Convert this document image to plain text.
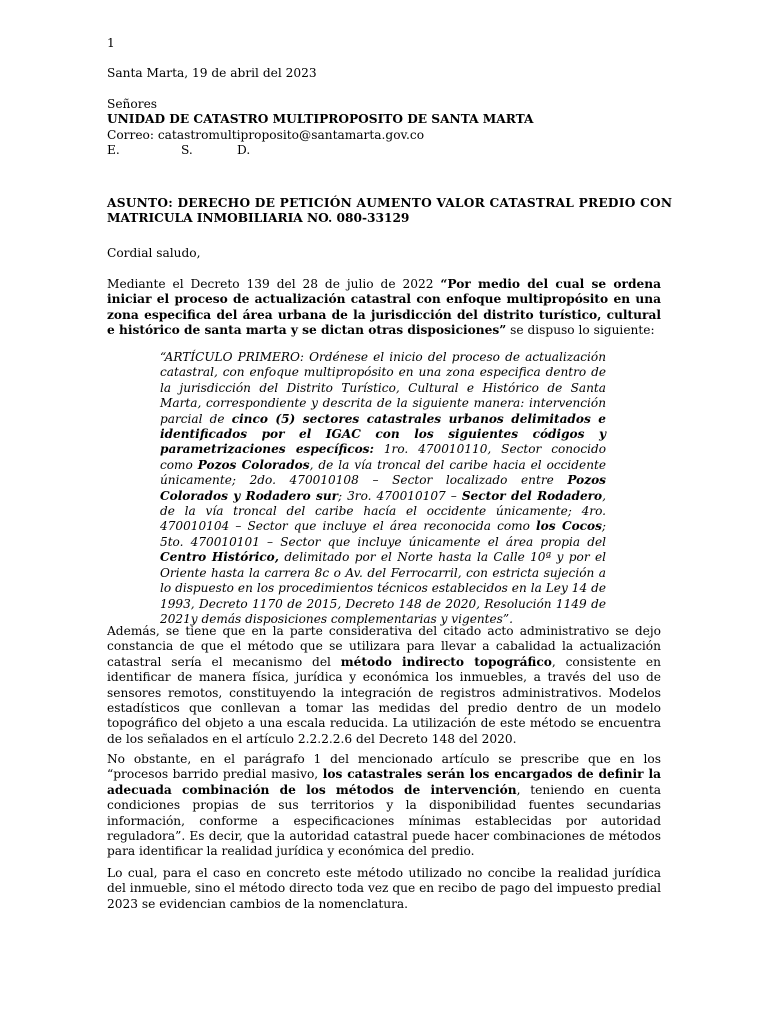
1
Santa Marta, 19 de abril del 2023
Señores
UNIDAD DE CATASTRO MULTIPROPOSITO DE SANTA MARTA
Correo: catastromultiproposito@santamarta.gov.co
E.	S.	D.
ASUNTO: DERECHO DE PETICIÓN AUMENTO VALOR CATASTRAL PREDIO CON
MATRICULA INMOBILIARIA NO. 080-33129
Cordial saludo,
Mediante el Decreto 139 del 28 de julio de 2022 “Por medio del cual se ordena iniciar el proceso de actualización catastral con enfoque multipropósito en una zona especifica del área urbana de la jurisdicción del distrito turístico, cultural e histórico de santa marta y se dictan otras disposiciones” se dispuso lo siguiente:
“ARTÍCULO PRIMERO: Ordénese el inicio del proceso de actualización catastral, con enfoque multipropósito en una zona especifica dentro de la jurisdicción del Distrito Turístico, Cultural e Histórico de Santa Marta, correspondiente y descrita de la siguiente manera: intervención parcial de cinco (5) sectores catastrales urbanos delimitados e identificados por el IGAC con los siguientes códigos y parametrizaciones específicos: 1ro. 470010110, Sector conocido como Pozos Colorados, de la vía troncal del caribe hacia el occidente únicamente; 2do. 470010108 – Sector localizado entre Pozos Colorados y Rodadero sur; 3ro. 470010107 – Sector del Rodadero, de la vía troncal del caribe hacía el occidente únicamente; 4ro. 470010104 – Sector que incluye el área reconocida como los Cocos; 5to. 470010101 – Sector que incluye únicamente el área propia del Centro Histórico, delimitado por el Norte hasta la Calle 10ª y por el Oriente hasta la carrera 8c o Av. del Ferrocarril, con estricta sujeción a lo dispuesto en los procedimientos técnicos establecidos en la Ley 14 de 1993, Decreto 1170 de 2015, Decreto 148 de 2020, Resolución 1149 de 2021y demás disposiciones complementarias y vigentes”.
Además, se tiene que en la parte considerativa del citado acto administrativo se dejo constancia de que el método que se utilizara para llevar a cabalidad la actualización catastral sería el mecanismo del método indirecto topográfico, consistente en identificar de manera física, jurídica y económica los inmuebles, a través del uso de sensores remotos, constituyendo la integración de registros administrativos. Modelos estadísticos que conllevan a tomar las medidas del predio dentro de un modelo topográfico del objeto a una escala reducida. La utilización de este método se encuentra de los señalados en el artículo 2.2.2.2.6 del Decreto 148 del 2020.
No obstante, en el parágrafo 1 del mencionado artículo se prescribe que en los “procesos barrido predial masivo, los catastrales serán los encargados de definir la adecuada combinación de los métodos de intervención, teniendo en cuenta condiciones propias de sus territorios y la disponibilidad fuentes secundarias información, conforme a especificaciones mínimas establecidas por autoridad reguladora”. Es decir, que la autoridad catastral puede hacer combinaciones de métodos para identificar la realidad jurídica y económica del predio.
Lo cual, para el caso en concreto este método utilizado no concibe la realidad jurídica del inmueble, sino el método directo toda vez que en recibo de pago del impuesto predial 2023 se evidencian cambios de la nomenclatura.
